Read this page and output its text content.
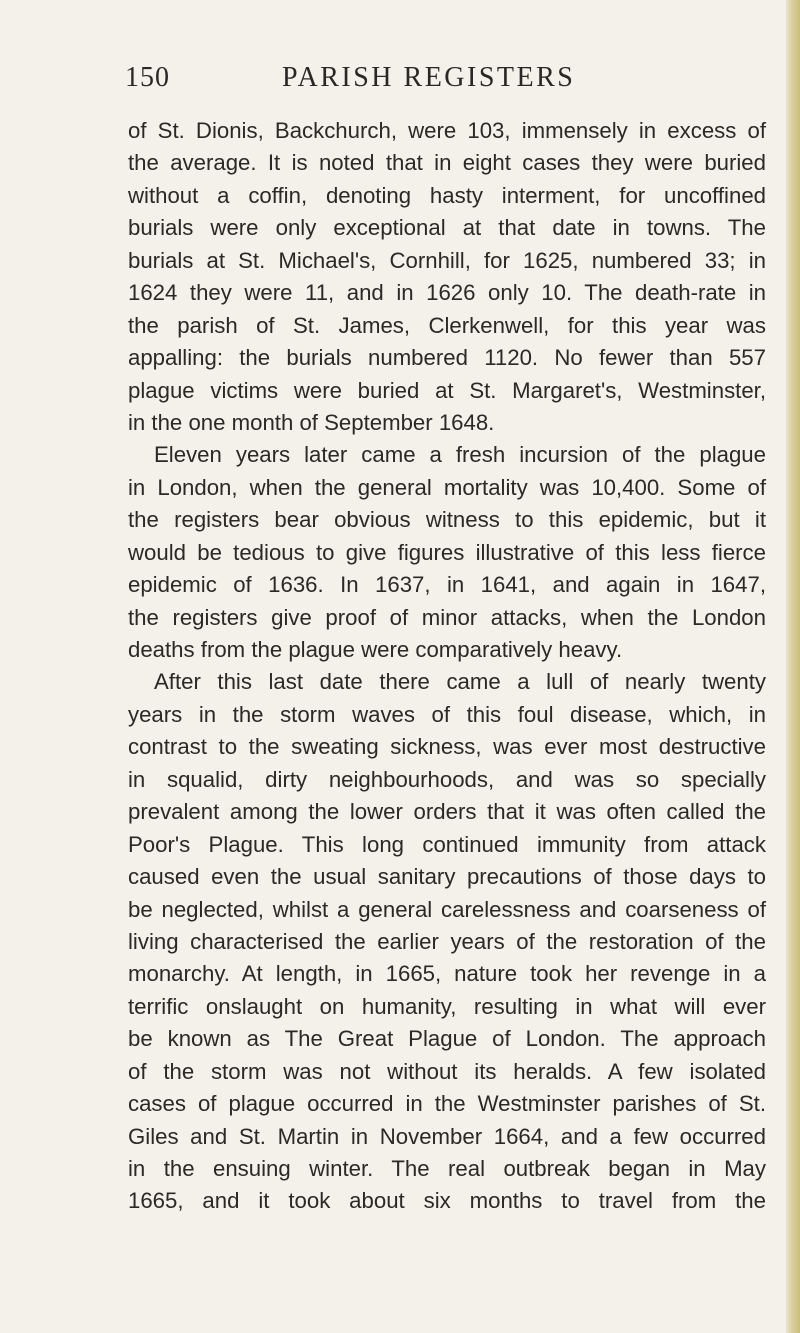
150	PARISH REGISTERS
of St. Dionis, Backchurch, were 103, immensely in excess of
the average. It is noted that in eight cases they were buried
without a coffin, denoting hasty interment, for uncoffined
burials were only exceptional at that date in towns. The
burials at St. Michael's, Cornhill, for 1625, numbered 33; in
1624 they were 11, and in 1626 only 10. The death-rate in
the parish of St. James, Clerkenwell, for this year was
appalling: the burials numbered 1120. No fewer than 557
plague victims were buried at St. Margaret's, Westminster,
in the one month of September 1648.
Eleven years later came a fresh incursion of the plague
in London, when the general mortality was 10,400. Some of
the registers bear obvious witness to this epidemic, but it
would be tedious to give figures illustrative of this less fierce
epidemic of 1636. In 1637, in 1641, and again in 1647,
the registers give proof of minor attacks, when the London
deaths from the plague were comparatively heavy.
After this last date there came a lull of nearly twenty
years in the storm waves of this foul disease, which, in
contrast to the sweating sickness, was ever most destructive
in squalid, dirty neighbourhoods, and was so specially
prevalent among the lower orders that it was often called the
Poor's Plague. This long continued immunity from attack
caused even the usual sanitary precautions of those days to
be neglected, whilst a general carelessness and coarseness of
living characterised the earlier years of the restoration of the
monarchy. At length, in 1665, nature took her revenge in a
terrific onslaught on humanity, resulting in what will ever
be known as The Great Plague of London. The approach
of the storm was not without its heralds. A few isolated
cases of plague occurred in the Westminster parishes of St.
Giles and St. Martin in November 1664, and a few occurred
in the ensuing winter. The real outbreak began in May
1665, and it took about six months to travel from the
